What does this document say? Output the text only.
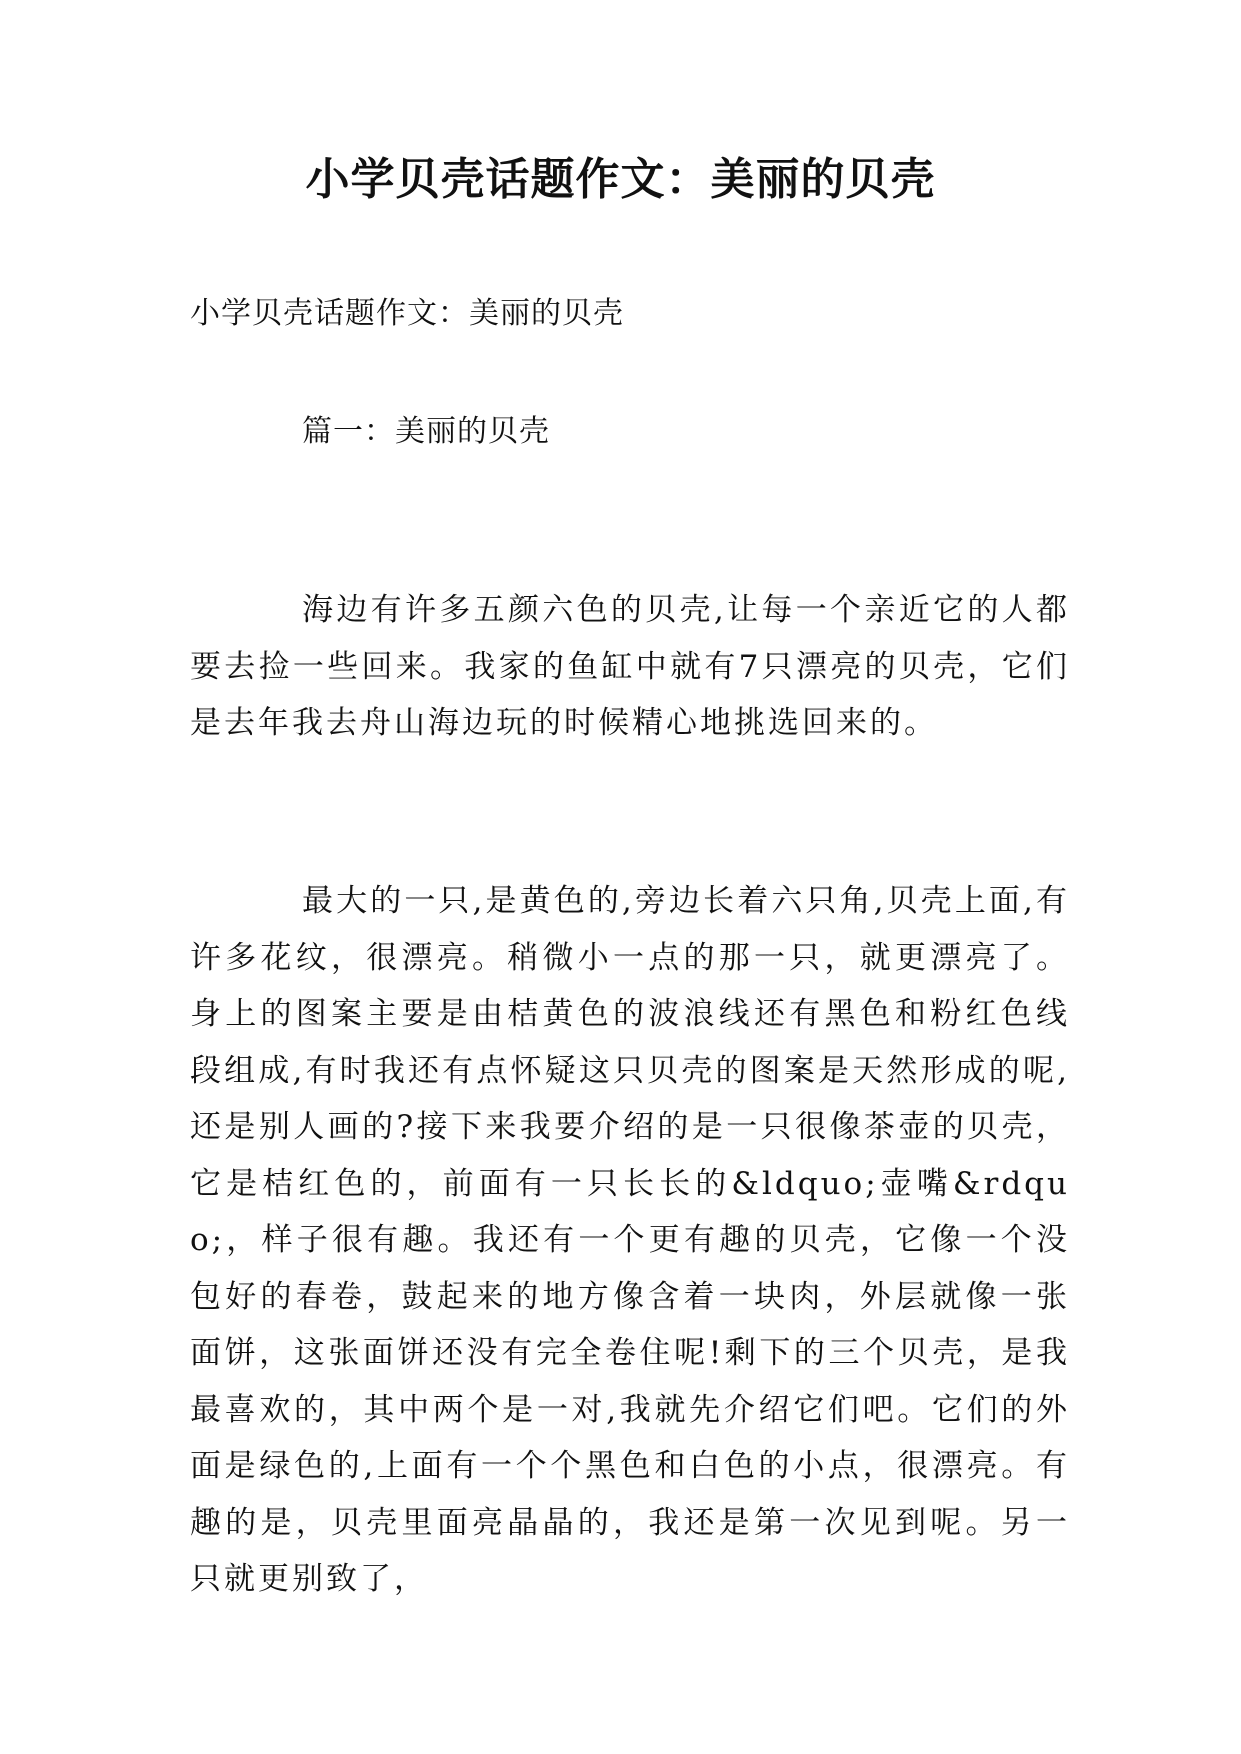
小学贝壳话题作文：美丽的贝壳
小学贝壳话题作文：美丽的贝壳
篇一：美丽的贝壳

海边有许多五颜六色的贝壳,让每一个亲近它的人都要去捡一些回来。我家的鱼缸中就有7只漂亮的贝壳，它们是去年我去舟山海边玩的时候精心地挑选回来的。

最大的一只,是黄色的,旁边长着六只角,贝壳上面,有许多花纹，很漂亮。稍微小一点的那一只，就更漂亮了。身上的图案主要是由桔黄色的波浪线还有黑色和粉红色线段组成,有时我还有点怀疑这只贝壳的图案是天然形成的呢,还是别人画的?接下来我要介绍的是一只很像茶壶的贝壳，它是桔红色的，前面有一只长长的&ldquo;壶嘴&rdquo;，样子很有趣。我还有一个更有趣的贝壳，它像一个没包好的春卷，鼓起来的地方像含着一块肉，外层就像一张面饼，这张面饼还没有完全卷住呢!剩下的三个贝壳，是我最喜欢的，其中两个是一对,我就先介绍它们吧。它们的外面是绿色的,上面有一个个黑色和白色的小点，很漂亮。有趣的是，贝壳里面亮晶晶的，我还是第一次见到呢。另一只就更别致了，
